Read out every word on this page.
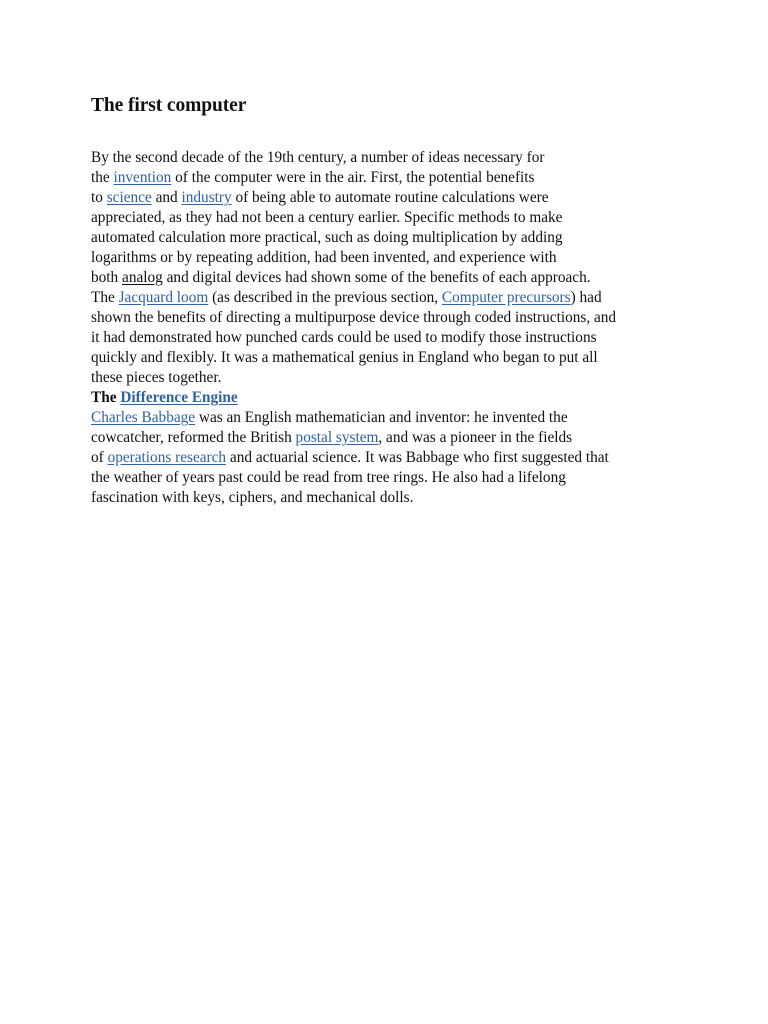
The first computer
By the second decade of the 19th century, a number of ideas necessary for
the invention of the computer were in the air. First, the potential benefits
to science and industry of being able to automate routine calculations were
appreciated, as they had not been a century earlier. Specific methods to make
automated calculation more practical, such as doing multiplication by adding
logarithms or by repeating addition, had been invented, and experience with
both analog and digital devices had shown some of the benefits of each approach.
The Jacquard loom (as described in the previous section, Computer precursors) had
shown the benefits of directing a multipurpose device through coded instructions, and
it had demonstrated how punched cards could be used to modify those instructions
quickly and flexibly. It was a mathematical genius in England who began to put all
these pieces together.
The Difference Engine
Charles Babbage was an English mathematician and inventor: he invented the
cowcatcher, reformed the British postal system, and was a pioneer in the fields
of operations research and actuarial science. It was Babbage who first suggested that
the weather of years past could be read from tree rings. He also had a lifelong
fascination with keys, ciphers, and mechanical dolls.
